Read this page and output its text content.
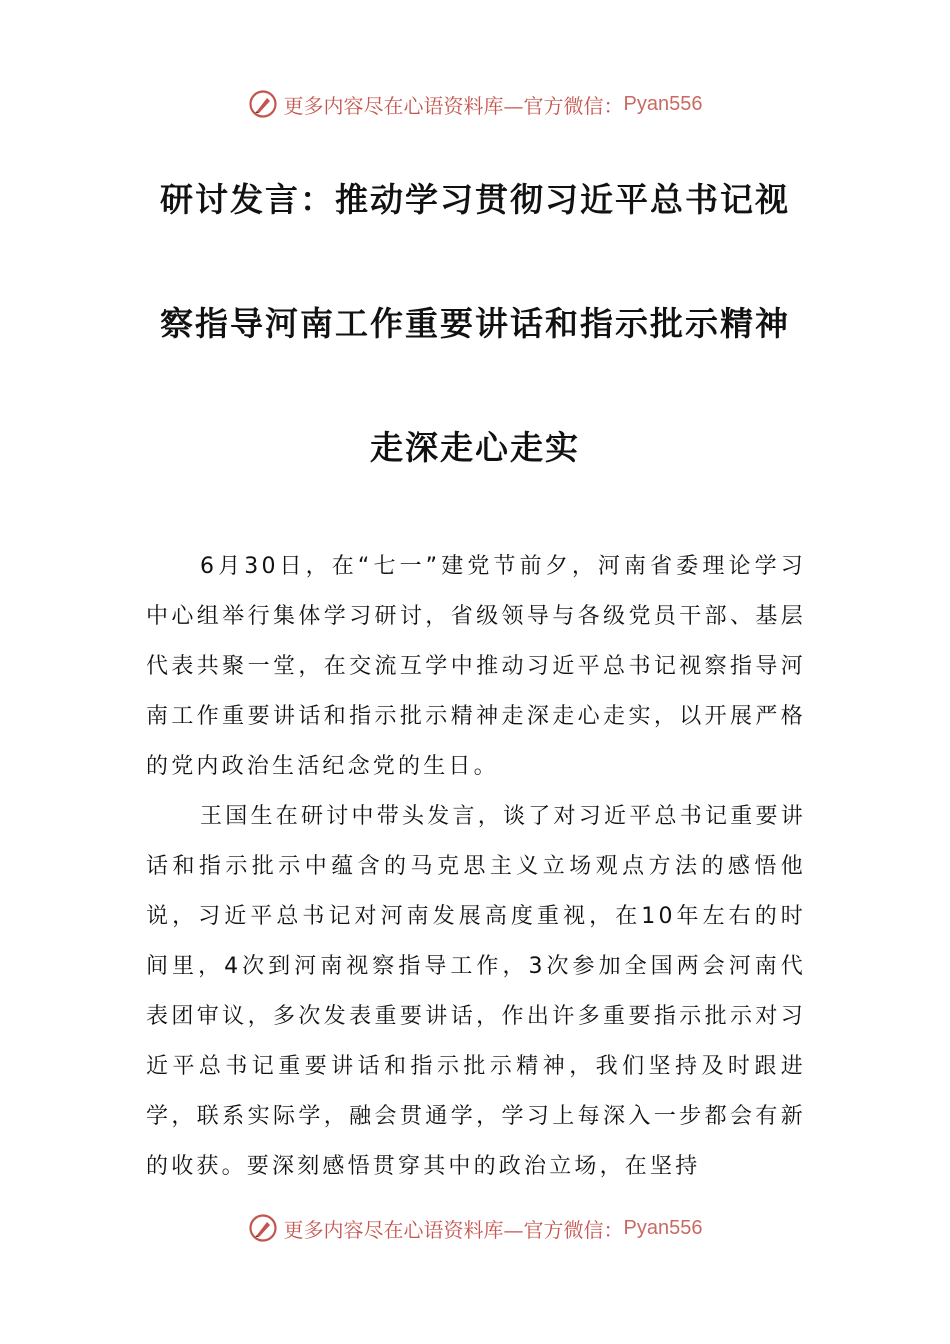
更多内容尽在心语资料库— 官方微信： Pyan556
研讨发言：推动学习贯彻习近平总书记视
察指导河南工作重要讲话和指示批示精神
走深走心走实

6月30日，在“七一”建党节前夕，河南省委理论学习中心组举行集体学习研讨，省级领导与各级党员干部、基层代表共聚一堂，在交流互学中推动习近平总书记视察指导河南工作重要讲话和指示批示精神走深走心走实，以开展严格的党内政治生活纪念党的生日。

王国生在研讨中带头发言，谈了对习近平总书记重要讲话和指示批示中蕴含的马克思主义立场观点方法的感悟他说，习近平总书记对河南发展高度重视，在10年左右的时间里，4次到河南视察指导工作，3次参加全国两会河南代表团审议，多次发表重要讲话，作出许多重要指示批示对习近平总书记重要讲话和指示批示精神，我们坚持及时跟进学，联系实际学，融会贯通学，学习上每深入一步都会有新的收获。要深刻感悟贯穿其中的政治立场，在坚持

更多内容尽在心语资料库— 官方微信： Pyan556
